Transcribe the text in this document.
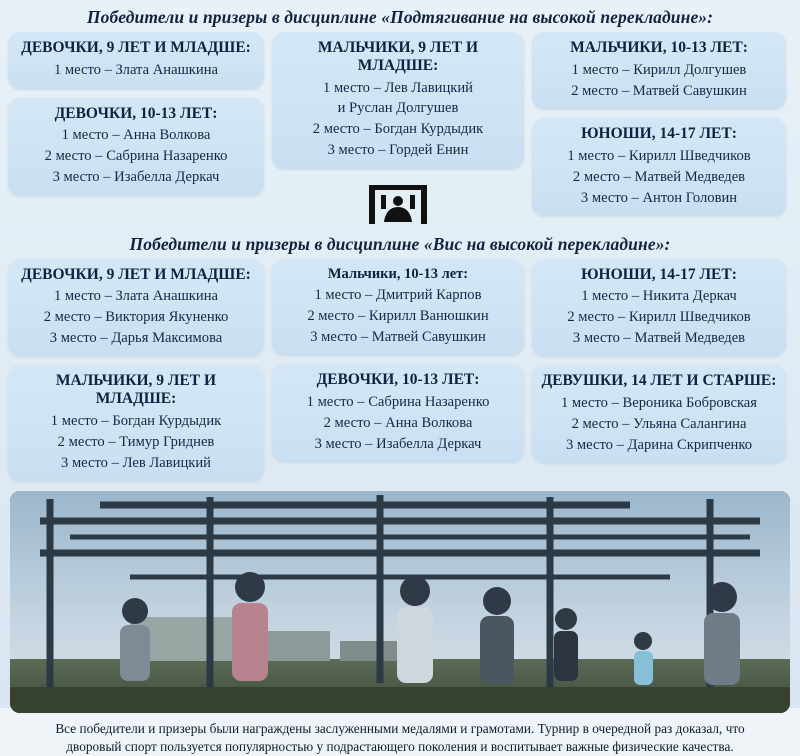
Победители и призеры в дисциплине «Подтягивание на высокой перекладине»:
ДЕВОЧКИ, 9 ЛЕТ И МЛАДШЕ:
1 место – Злата Анашкина
ДЕВОЧКИ, 10-13 ЛЕТ:
1 место – Анна Волкова
2 место – Сабрина Назаренко
3 место – Изабелла Деркач
МАЛЬЧИКИ, 9 ЛЕТ И МЛАДШЕ:
1 место – Лев Лавицкий
и Руслан Долгушев
2 место – Богдан Курдыдик
3 место – Гордей Енин
МАЛЬЧИКИ, 10-13 ЛЕТ:
1 место – Кирилл Долгушев
2 место – Матвей Савушкин
ЮНОШИ, 14-17 ЛЕТ:
1 место – Кирилл Шведчиков
2 место – Матвей Медведев
3 место – Антон Головин
Победители и призеры в дисциплине «Вис на высокой перекладине»:
ДЕВОЧКИ, 9 ЛЕТ И МЛАДШЕ:
1 место – Злата Анашкина
2 место – Виктория Якуненко
3 место – Дарья Максимова
МАЛЬЧИКИ, 9 ЛЕТ И МЛАДШЕ:
1 место – Богдан Курдыдик
2 место – Тимур Гриднев
3 место – Лев Лавицкий
Мальчики, 10-13 лет:
1 место – Дмитрий Карпов
2 место – Кирилл Ванюшкин
3 место – Матвей Савушкин
ДЕВОЧКИ, 10-13 ЛЕТ:
1 место – Сабрина Назаренко
2 место – Анна Волкова
3 место – Изабелла Деркач
ЮНОШИ, 14-17 ЛЕТ:
1 место – Никита Деркач
2 место – Кирилл Шведчиков
3 место – Матвей Медведев
ДЕВУШКИ, 14 ЛЕТ И СТАРШЕ:
1 место – Вероника Бобровская
2 место – Ульяна Салангина
3 место – Дарина Скрипченко
Все победители и призеры были награждены заслуженными медалями и грамотами. Турнир в очередной раз доказал, что
дворовый спорт пользуется популярностью у подрастающего поколения и воспитывает важные физические качества.
